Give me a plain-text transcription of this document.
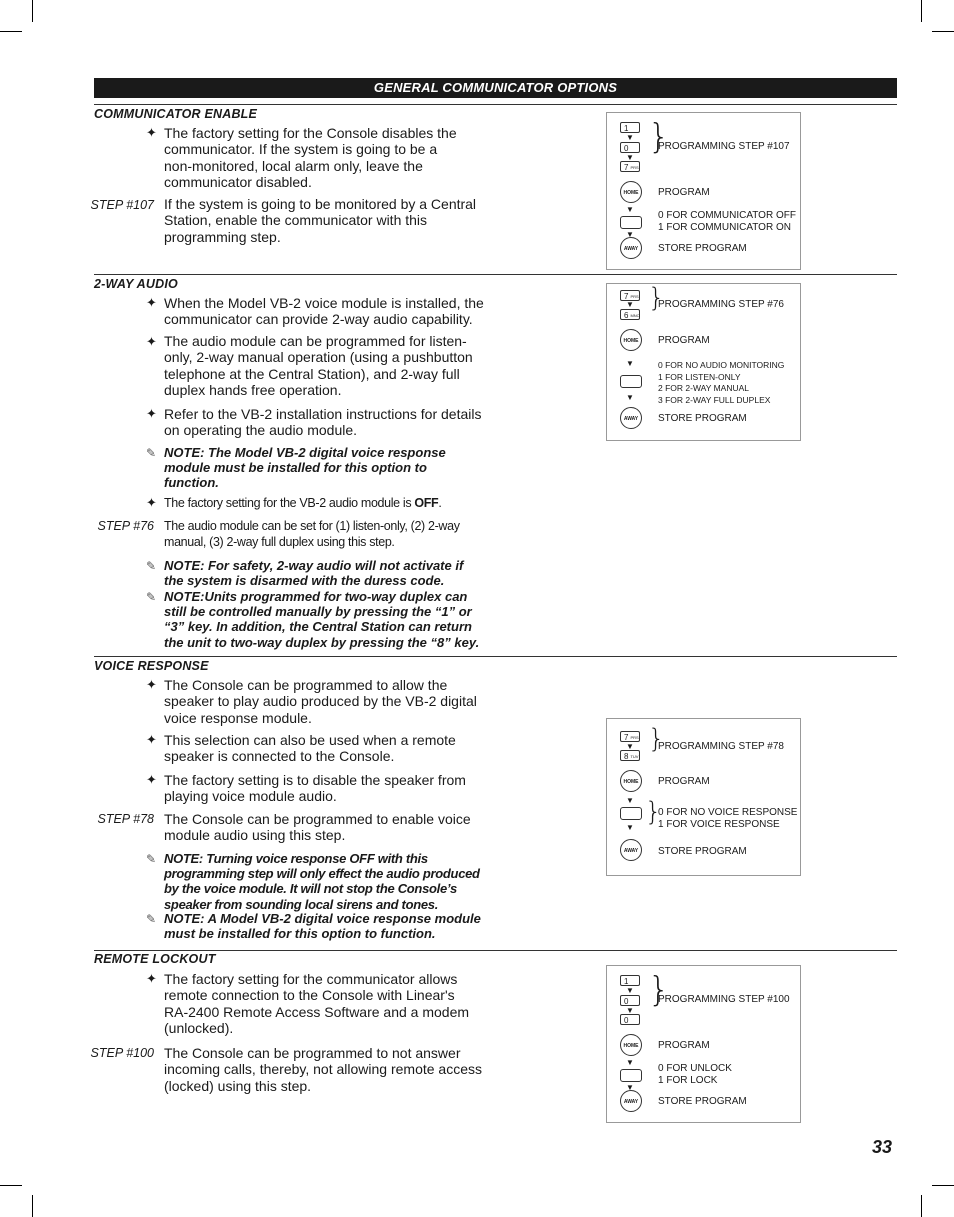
GENERAL COMMUNICATOR OPTIONS
COMMUNICATOR ENABLE
✦ The factory setting for the Console disables the communicator. If the system is going to be a non-monitored, local alarm only, leave the communicator disabled.
STEP #107 If the system is going to be monitored by a Central Station, enable the communicator with this programming step.
1
▼
0
▼
7 PRS
}
PROGRAMMING STEP #107
HOME	PROGRAM
▼
0 FOR COMMUNICATOR OFF
1 FOR COMMUNICATOR ON
▼
AWAY	STORE PROGRAM
2-WAY AUDIO
✦ When the Model VB-2 voice module is installed, the communicator can provide 2-way audio capability.
✦ The audio module can be programmed for listen-only, 2-way manual operation (using a pushbutton telephone at the Central Station), and 2-way full duplex hands free operation.
✦ Refer to the VB-2 installation instructions for details on operating the audio module.
✎ NOTE: The Model VB-2 digital voice response module must be installed for this option to function.
✦ The factory setting for the VB-2 audio module is OFF.
STEP #76 The audio module can be set for (1) listen-only, (2) 2-way manual, (3) 2-way full duplex using this step.
✎ NOTE: For safety, 2-way audio will not activate if the system is disarmed with the duress code.
✎ NOTE:Units programmed for two-way duplex can still be controlled manually by pressing the “1” or “3” key. In addition, the Central Station can return the unit to two-way duplex by pressing the “8” key.
7 PRS
▼
6 MNO
}
PROGRAMMING STEP #76
HOME	PROGRAM
▼	0 FOR NO AUDIO MONITORING
1 FOR LISTEN-ONLY
2 FOR 2-WAY MANUAL
3 FOR 2-WAY FULL DUPLEX
▼
AWAY	STORE PROGRAM
VOICE RESPONSE
✦ The Console can be programmed to allow the speaker to play audio produced by the VB-2 digital voice response module.
✦ This selection can also be used when a remote speaker is connected to the Console.
✦ The factory setting is to disable the speaker from playing voice module audio.
STEP #78 The Console can be programmed to enable voice module audio using this step.
✎ NOTE: Turning voice response OFF with this programming step will only effect the audio produced by the voice module. It will not stop the Console’s speaker from sounding local sirens and tones.
✎ NOTE: A Model VB-2 digital voice response module must be installed for this option to function.
7 PRS
▼
8 TUV
}
PROGRAMMING STEP #78
HOME	PROGRAM
▼ }
0 FOR NO VOICE RESPONSE
1 FOR VOICE RESPONSE
▼
AWAY	STORE PROGRAM
REMOTE LOCKOUT
✦ The factory setting for the communicator allows remote connection to the Console with Linear's RA-2400 Remote Access Software and a modem (unlocked).
STEP #100 The Console can be programmed to not answer incoming calls, thereby, not allowing remote access (locked) using this step.
1
▼
0
▼
0
}
PROGRAMMING STEP #100
HOME	PROGRAM
▼
0 FOR UNLOCK
1 FOR LOCK
▼
AWAY	STORE PROGRAM
33
